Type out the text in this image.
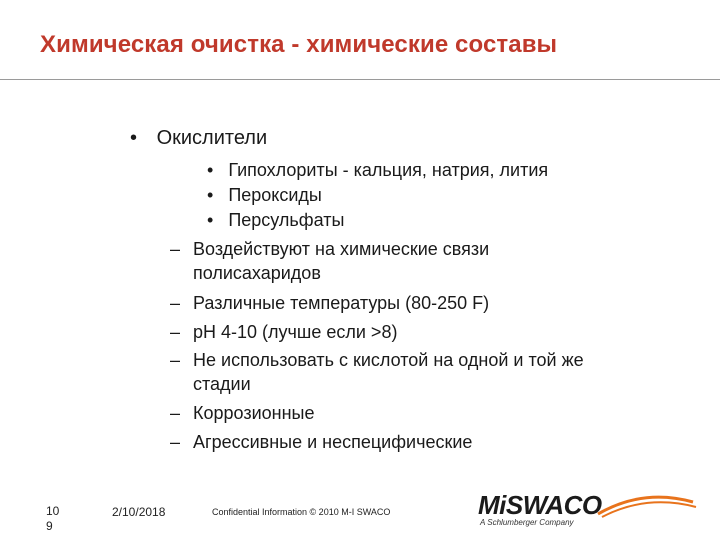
Химическая очистка - химические составы
• Окислители
• Гипохлориты - кальция, натрия, лития
• Пероксиды
• Персульфаты
– Воздействуют на химические связи
полисахаридов
– Различные температуры (80-250 F)
– pH 4-10 (лучше если >8)
– Не использовать с кислотой на одной и той же
стадии
– Коррозионные
– Агрессивные и неспецифические
10
9
2/10/2018	Confidential Information © 2010 M-I SWACO	MiSWACO
A Schlumberger Company
